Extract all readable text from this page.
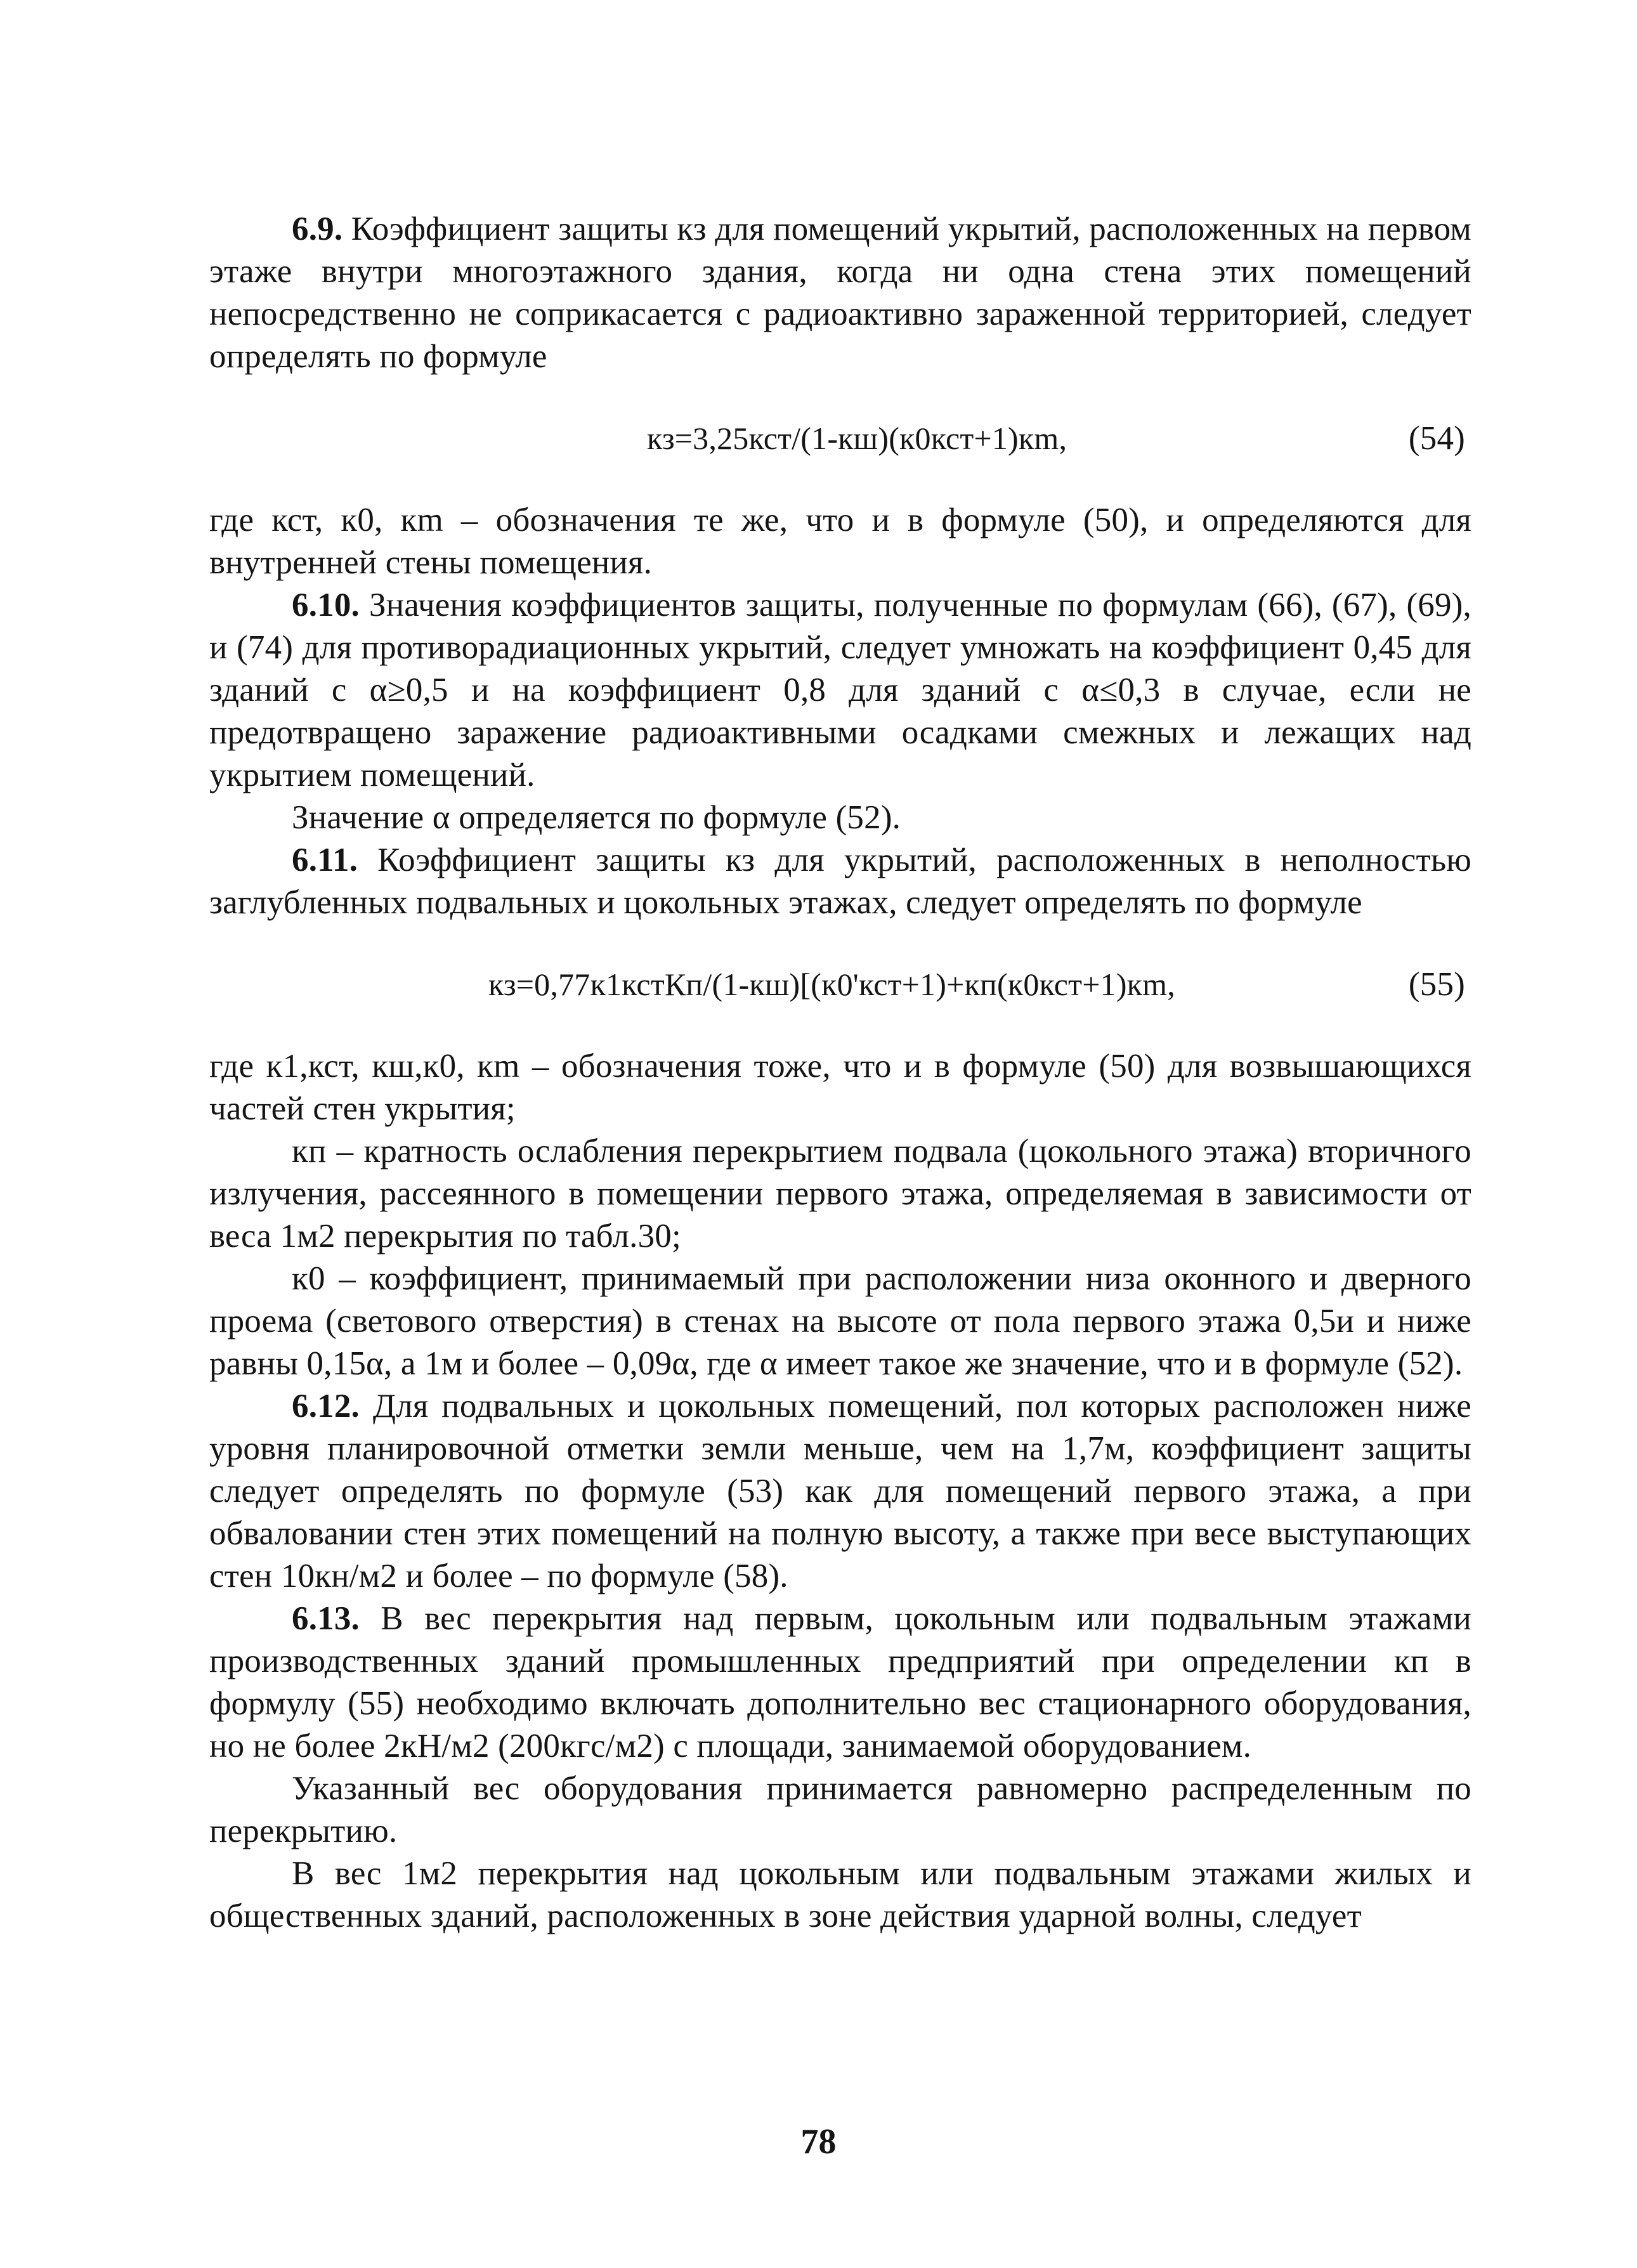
6.9. Коэффициент защиты кз для помещений укрытий, расположенных на первом этаже внутри многоэтажного здания, когда ни одна стена этих помещений непосредственно не соприкасается с радиоактивно зараженной территорией, следует определять по формуле

кз=3,25кст/(1-кш)(к0кст+1)кm,	(54)

где кст, к0, кm – обозначения те же, что и в формуле (50), и определяются для внутренней стены помещения.

6.10. Значения коэффициентов защиты, полученные по формулам (66), (67), (69), и (74) для противорадиационных укрытий, следует умножать на коэффициент 0,45 для зданий с α≥0,5 и на коэффициент 0,8 для зданий с α≤0,3 в случае, если не предотвращено заражение радиоактивными осадками смежных и лежащих над укрытием помещений.

Значение α определяется по формуле (52).

6.11. Коэффициент защиты кз для укрытий, расположенных в неполностью заглубленных подвальных и цокольных этажах, следует определять по формуле

кз=0,77к1кстКп/(1-кш)[(к0'кст+1)+кп(к0кст+1)кm,	(55)

где к1,кст, кш,к0, кm – обозначения тоже, что и в формуле (50) для возвышающихся частей стен укрытия;

кп – кратность ослабления перекрытием подвала (цокольного этажа) вторичного излучения, рассеянного в помещении первого этажа, определяемая в зависимости от веса 1м2 перекрытия по табл.30;

к0 – коэффициент, принимаемый при расположении низа оконного и дверного проема (светового отверстия) в стенах на высоте от пола первого этажа 0,5и и ниже равны 0,15α, а 1м и более – 0,09α, где α имеет такое же значение, что и в формуле (52).

6.12. Для подвальных и цокольных помещений, пол которых расположен ниже уровня планировочной отметки земли меньше, чем на 1,7м, коэффициент защиты следует определять по формуле (53) как для помещений первого этажа, а при обваловании стен этих помещений на полную высоту, а также при весе выступающих стен 10кн/м2 и более – по формуле (58).

6.13. В вес перекрытия над первым, цокольным или подвальным этажами производственных зданий промышленных предприятий при определении кп в формулу (55) необходимо включать дополнительно вес стационарного оборудования, но не более 2кН/м2 (200кгс/м2) с площади, занимаемой оборудованием.

Указанный вес оборудования принимается равномерно распределенным по перекрытию.

В вес 1м2 перекрытия над цокольным или подвальным этажами жилых и общественных зданий, расположенных в зоне действия ударной волны, следует

78
